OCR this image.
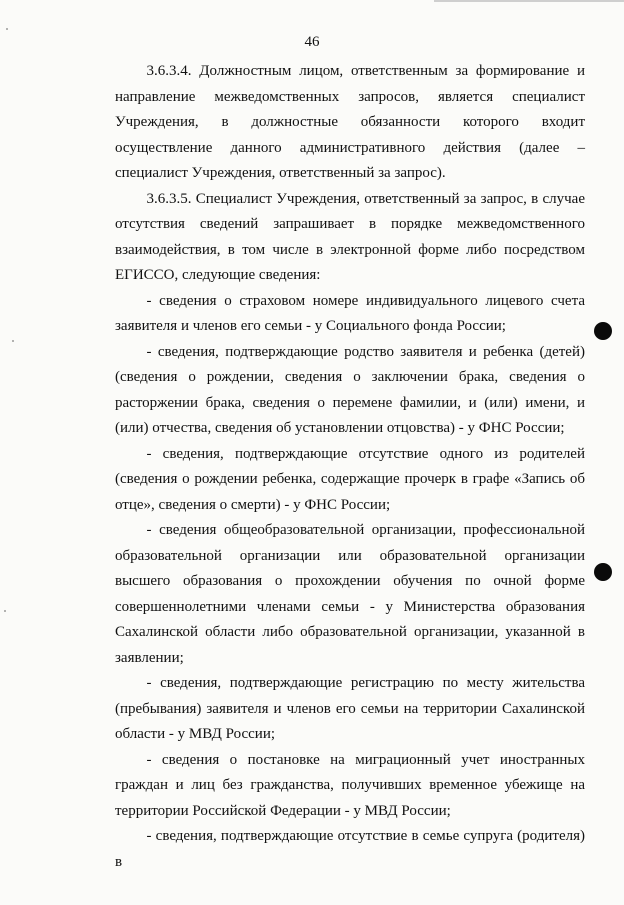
46

3.6.3.4. Должностным лицом, ответственным за формирование и направление межведомственных запросов, является специалист Учреждения, в должностные обязанности которого входит осуществление данного административного действия (далее – специалист Учреждения, ответственный за запрос).

3.6.3.5. Специалист Учреждения, ответственный за запрос, в случае отсутствия сведений запрашивает в порядке межведомственного взаимодействия, в том числе в электронной форме либо посредством ЕГИССО, следующие сведения:

- сведения о страховом номере индивидуального лицевого счета заявителя и членов его семьи - у Социального фонда России;

- сведения, подтверждающие родство заявителя и ребенка (детей) (сведения о рождении, сведения о заключении брака, сведения о расторжении брака, сведения о перемене фамилии, и (или) имени, и (или) отчества, сведения об установлении отцовства) - у ФНС России;

- сведения, подтверждающие отсутствие одного из родителей (сведения о рождении ребенка, содержащие прочерк в графе «Запись об отце», сведения о смерти) - у ФНС России;

- сведения общеобразовательной организации, профессиональной образовательной организации или образовательной организации высшего образования о прохождении обучения по очной форме совершеннолетними членами семьи - у Министерства образования Сахалинской области либо образовательной организации, указанной в заявлении;

- сведения, подтверждающие регистрацию по месту жительства (пребывания) заявителя и членов его семьи на территории Сахалинской области - у МВД России;

- сведения о постановке на миграционный учет иностранных граждан и лиц без гражданства, получивших временное убежище на территории Российской Федерации - у МВД России;

- сведения, подтверждающие отсутствие в семье супруга (родителя) в
